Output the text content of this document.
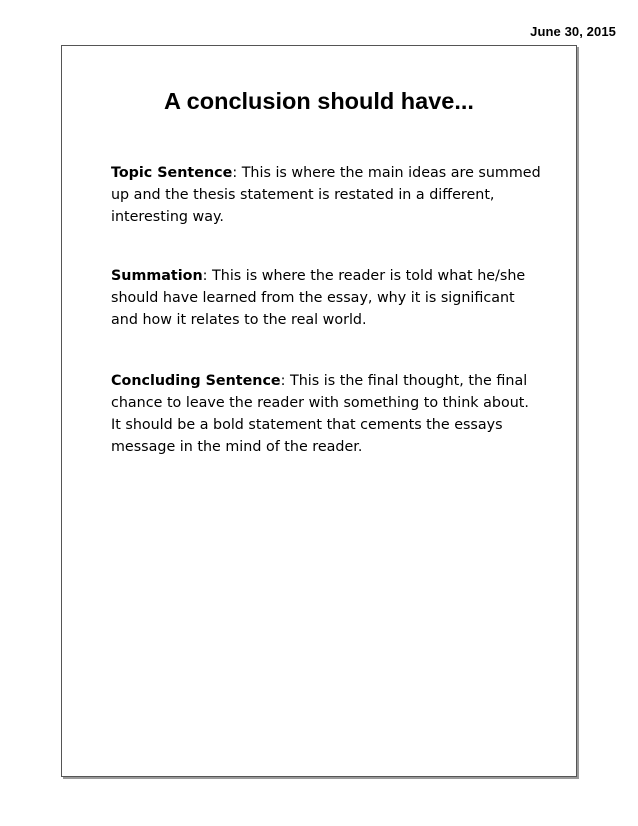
June 30, 2015
A conclusion should have...

Topic Sentence: This is where the main ideas are summed up and the thesis statement is restated in a different, interesting way.

Summation: This is where the reader is told what he/she should have learned from the essay, why it is significant and how it relates to the real world.

Concluding Sentence: This is the final thought, the final chance to leave the reader with something to think about. It should be a bold statement that cements the essays message in the mind of the reader.
